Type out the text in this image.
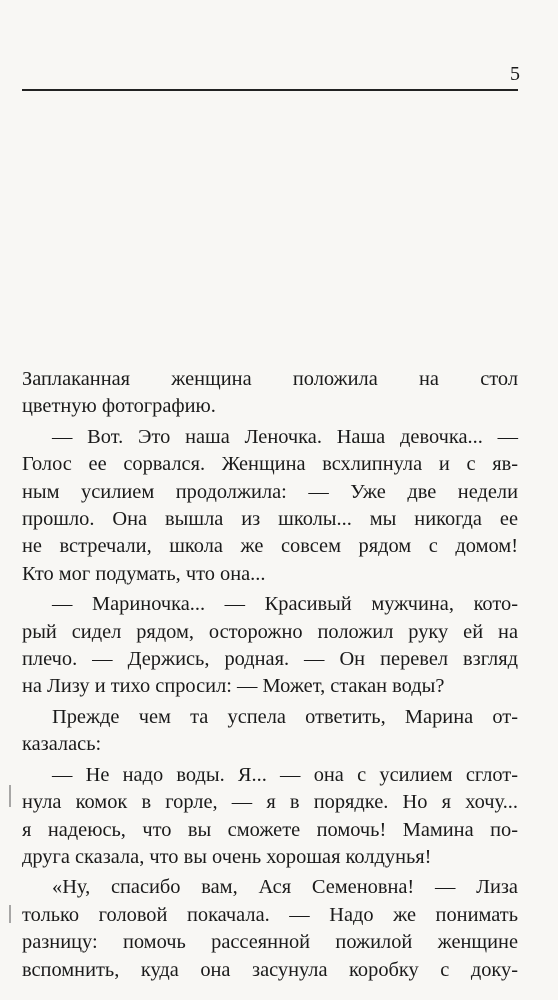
5
Заплаканная женщина положила на стол
цветную фотографию.
— Вот. Это наша Леночка. Наша девочка... —
Голос ее сорвался. Женщина всхлипнула и с яв-
ным усилием продолжила: — Уже две недели
прошло. Она вышла из школы... мы никогда ее
не встречали, школа же совсем рядом с домом!
Кто мог подумать, что она...
— Мариночка... — Красивый мужчина, кото-
рый сидел рядом, осторожно положил руку ей на
плечо. — Держись, родная. — Он перевел взгляд
на Лизу и тихо спросил: — Может, стакан воды?
Прежде чем та успела ответить, Марина от-
казалась:
— Не надо воды. Я... — она с усилием сглот-
нула комок в горле, — я в порядке. Но я хочу...
я надеюсь, что вы сможете помочь! Мамина по-
друга сказала, что вы очень хорошая колдунья!
«Ну, спасибо вам, Ася Семеновна! — Лиза
только головой покачала. — Надо же понимать
разницу: помочь рассеянной пожилой женщине
вспомнить, куда она засунула коробку с доку-
